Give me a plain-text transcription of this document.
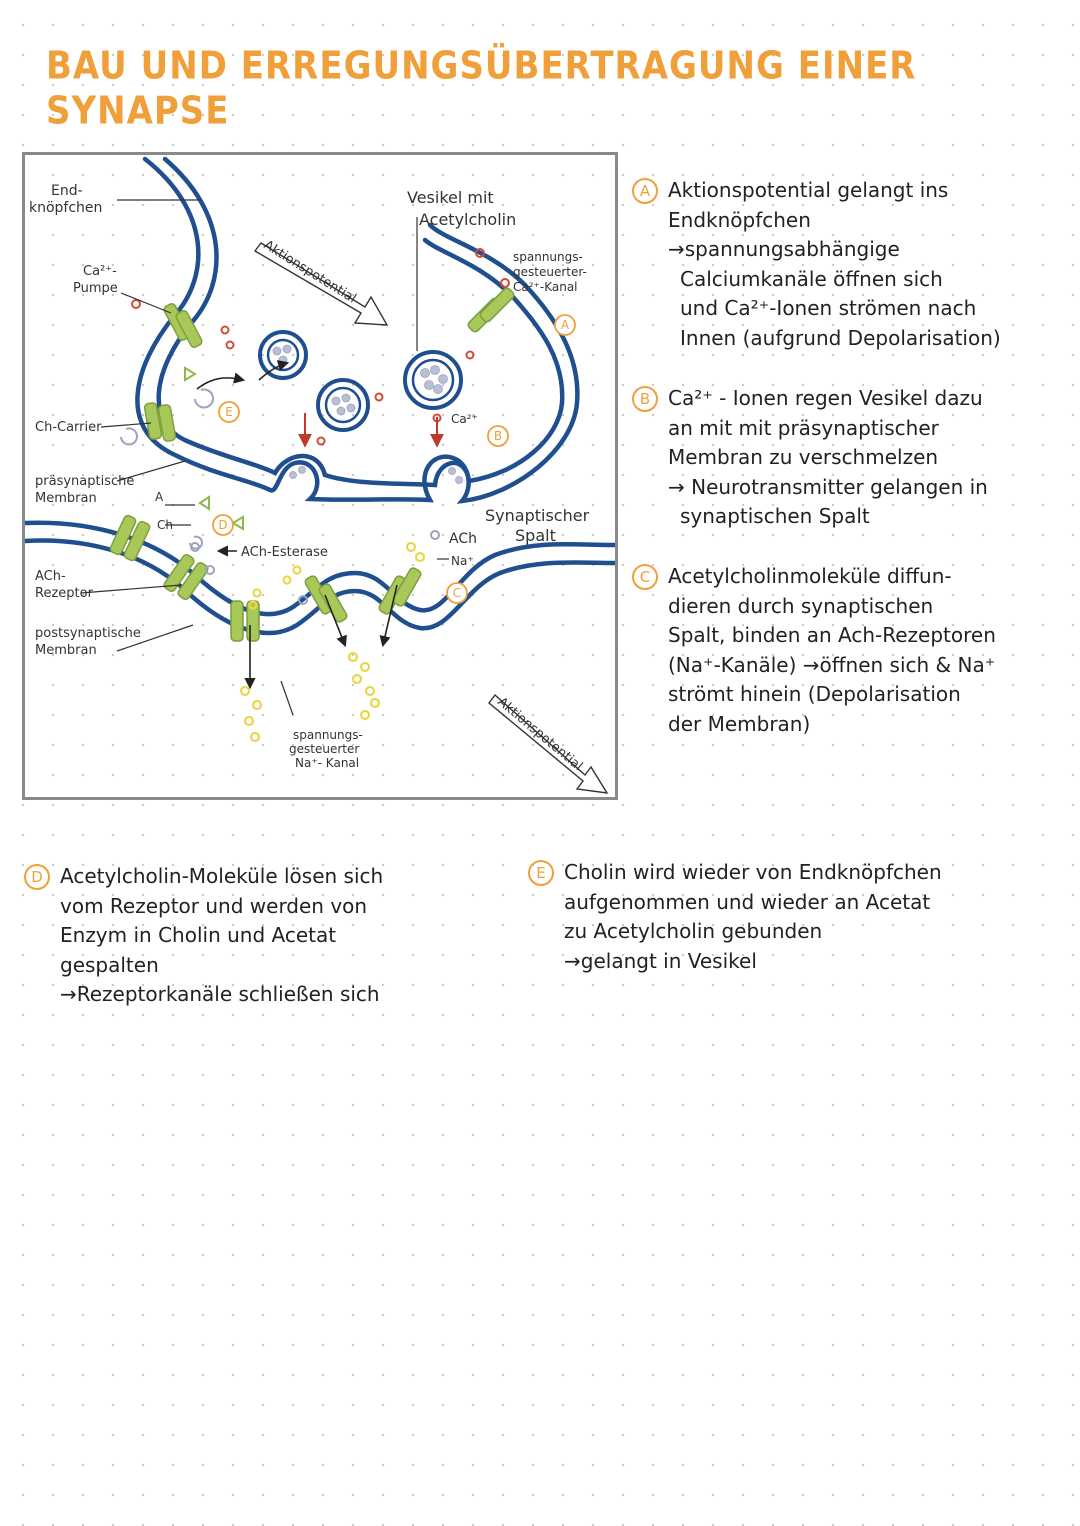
BAU UND ERREGUNGSÜBERTRAGUNG EINER SYNAPSE
Aktionspotential
Aktionspotential
End- knöpfchen
Ca²⁺- Pumpe
Ch-Carrier
präsynaptische Membran
ACh- Rezeptor
postsynaptische Membran
Vesikel mit Acetylcholin
spannungs- gesteuerter- Ca²⁺-Kanal
Ca²⁺
Synaptischer Spalt
ACh
Na⁺
A
Ch
ACh-Esterase
spannungs- gesteuerter Na⁺- Kanal
A
B
C
D
E
A Aktionspotential gelangt ins
Endknöpfchen
→spannungsabhängige
Calciumkanäle öffnen sich
und Ca²⁺-Ionen strömen nach
Innen (aufgrund Depolarisation)
B Ca²⁺ - Ionen regen Vesikel dazu
an mit mit präsynaptischer
Membran zu verschmelzen
→ Neurotransmitter gelangen in
synaptischen Spalt
C Acetylcholinmoleküle diffun-
dieren durch synaptischen
Spalt, binden an Ach-Rezeptoren
(Na⁺-Kanäle) →öffnen sich & Na⁺
strömt hinein (Depolarisation
der Membran)
D Acetylcholin-Moleküle lösen sich
vom Rezeptor und werden von
Enzym in Cholin und Acetat
gespalten
→Rezeptorkanäle schließen sich
E Cholin wird wieder von Endknöpfchen
aufgenommen und wieder an Acetat
zu Acetylcholin gebunden
→gelangt in Vesikel
